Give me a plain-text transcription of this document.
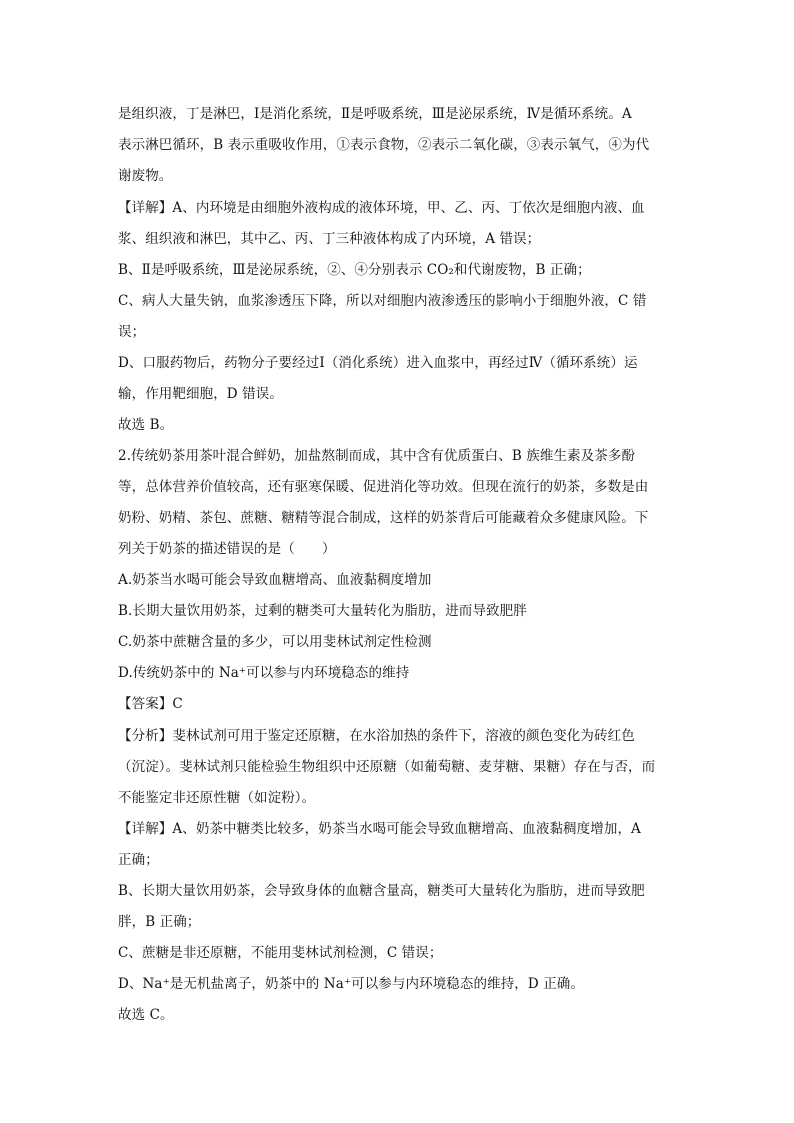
是组织液，丁是淋巴，Ⅰ是消化系统，Ⅱ是呼吸系统，Ⅲ是泌尿系统，Ⅳ是循环系统。A
表示淋巴循环，B 表示重吸收作用，①表示食物，②表示二氧化碳，③表示氧气，④为代
谢废物。
【详解】A、内环境是由细胞外液构成的液体环境，甲、乙、丙、丁依次是细胞内液、血
浆、组织液和淋巴，其中乙、丙、丁三种液体构成了内环境，A 错误；
B、Ⅱ是呼吸系统，Ⅲ是泌尿系统，②、④分别表示 CO₂和代谢废物，B 正确；
C、病人大量失钠，血浆渗透压下降，所以对细胞内液渗透压的影响小于细胞外液，C 错
误；
D、口服药物后，药物分子要经过Ⅰ（消化系统）进入血浆中，再经过Ⅳ（循环系统）运
输，作用靶细胞，D 错误。
故选 B。
2.传统奶茶用茶叶混合鲜奶，加盐熬制而成，其中含有优质蛋白、B 族维生素及茶多酚
等，总体营养价值较高，还有驱寒保暖、促进消化等功效。但现在流行的奶茶，多数是由
奶粉、奶精、茶包、蔗糖、糖精等混合制成，这样的奶茶背后可能藏着众多健康风险。下
列关于奶茶的描述错误的是（　　）
A.奶茶当水喝可能会导致血糖增高、血液黏稠度增加
B.长期大量饮用奶茶，过剩的糖类可大量转化为脂肪，进而导致肥胖
C.奶茶中蔗糖含量的多少，可以用斐林试剂定性检测
D.传统奶茶中的 Na⁺可以参与内环境稳态的维持
【答案】C
【分析】斐林试剂可用于鉴定还原糖，在水浴加热的条件下，溶液的颜色变化为砖红色
（沉淀）。斐林试剂只能检验生物组织中还原糖（如葡萄糖、麦芽糖、果糖）存在与否，而
不能鉴定非还原性糖（如淀粉）。
【详解】A、奶茶中糖类比较多，奶茶当水喝可能会导致血糖增高、血液黏稠度增加，A
正确；
B、长期大量饮用奶茶，会导致身体的血糖含量高，糖类可大量转化为脂肪，进而导致肥
胖，B 正确；
C、蔗糖是非还原糖，不能用斐林试剂检测，C 错误；
D、Na⁺是无机盐离子，奶茶中的 Na⁺可以参与内环境稳态的维持，D 正确。
故选 C。
